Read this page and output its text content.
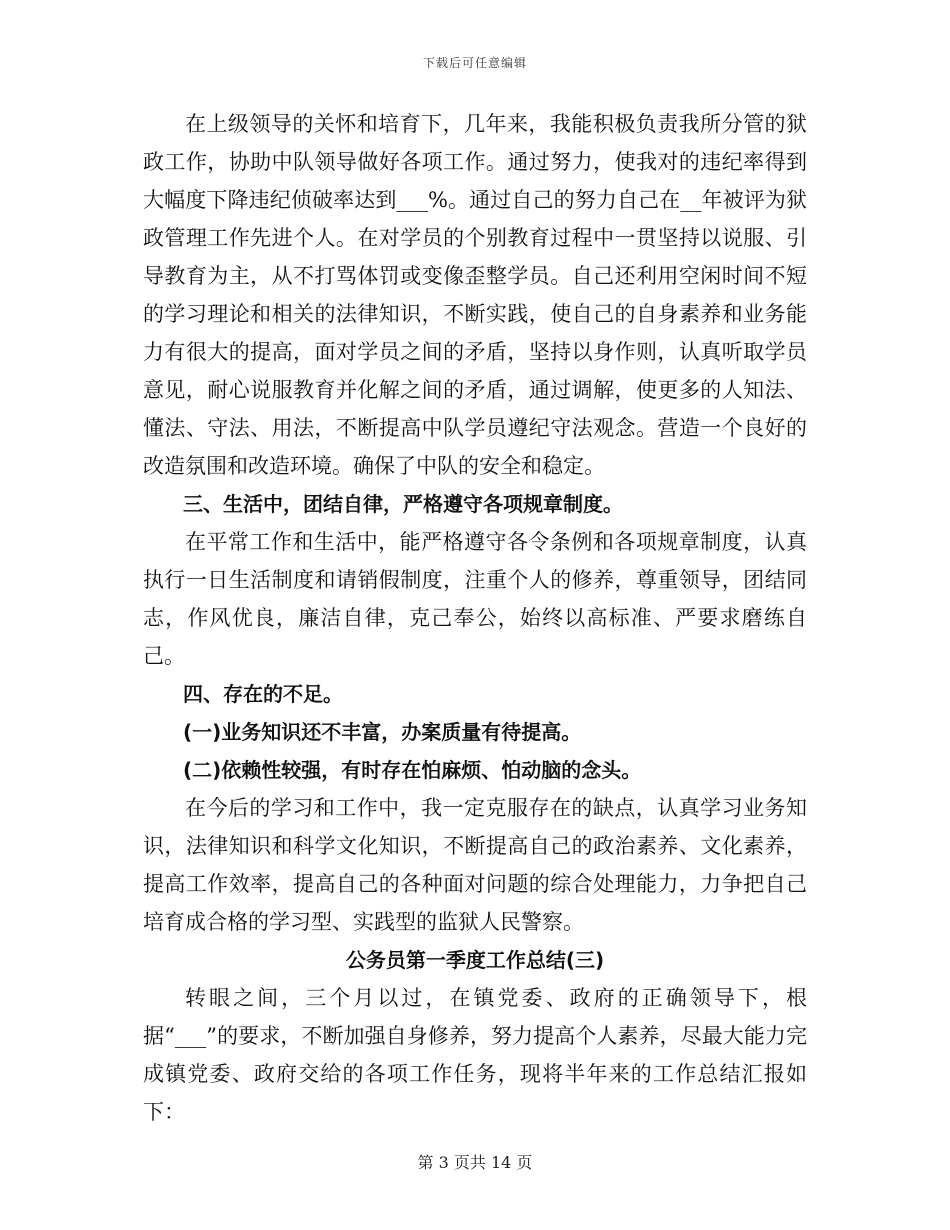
下载后可任意编辑

在上级领导的关怀和培育下，几年来，我能积极负责我所分管的狱政工作，协助中队领导做好各项工作。通过努力，使我对的违纪率得到大幅度下降违纪侦破率达到___%。通过自己的努力自己在__年被评为狱政管理工作先进个人。在对学员的个别教育过程中一贯坚持以说服、引导教育为主，从不打骂体罚或变像歪整学员。自己还利用空闲时间不短的学习理论和相关的法律知识，不断实践，使自己的自身素养和业务能力有很大的提高，面对学员之间的矛盾，坚持以身作则，认真听取学员意见，耐心说服教育并化解之间的矛盾，通过调解，使更多的人知法、懂法、守法、用法，不断提高中队学员遵纪守法观念。营造一个良好的改造氛围和改造环境。确保了中队的安全和稳定。

三、生活中，团结自律，严格遵守各项规章制度。

在平常工作和生活中，能严格遵守各令条例和各项规章制度，认真执行一日生活制度和请销假制度，注重个人的修养，尊重领导，团结同志，作风优良，廉洁自律，克己奉公，始终以高标准、严要求磨练自己。

四、存在的不足。

(一)业务知识还不丰富，办案质量有待提高。

(二)依赖性较强，有时存在怕麻烦、怕动脑的念头。

在今后的学习和工作中，我一定克服存在的缺点，认真学习业务知识，法律知识和科学文化知识，不断提高自己的政治素养、文化素养，提高工作效率，提高自己的各种面对问题的综合处理能力，力争把自己培育成合格的学习型、实践型的监狱人民警察。

公务员第一季度工作总结(三)

转眼之间，三个月以过，在镇党委、政府的正确领导下，根据“___”的要求，不断加强自身修养，努力提高个人素养，尽最大能力完成镇党委、政府交给的各项工作任务，现将半年来的工作总结汇报如下：

第 3 页共 14 页
